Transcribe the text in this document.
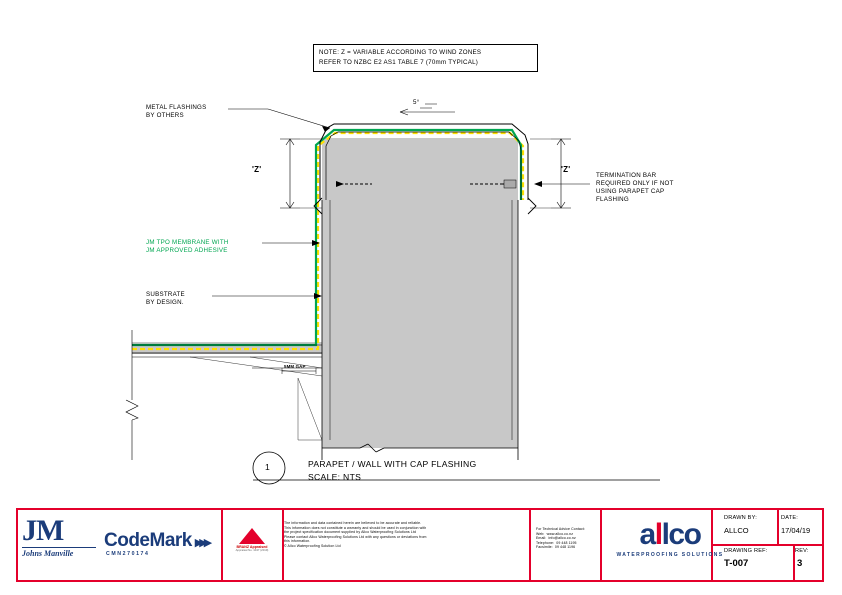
NOTE: Z = VARIABLE ACCORDING TO WIND ZONES
REFER TO NZBC E2 AS1 TABLE 7 (70mm TYPICAL)
METAL FLASHINGS
BY OTHERS
JM TPO MEMBRANE WITH
JM APPROVED ADHESIVE
SUBSTRATE
BY DESIGN.
TERMINATION BAR
REQUIRED ONLY IF NOT
USING PARAPET CAP
FLASHING
5MM GAP
5°
'Z'	'Z'
1	PARAPET / WALL WITH CAP FLASHING
SCALE: NTS
JM
Johns Manville
CodeMark ▸▸▸
CMN270174
BRANZ Appraised
Appraisal No. 1047 (2019)
The information and data contained herein are believed to be accurate and reliable.
This information does not constitute a warranty and should be used in conjunction with
the project specification document supplied by Allco Waterproofing Solutions Ltd
Please contact Allco Waterproofing Solutions Ltd with any questions or deviations from
this information.
© Allco Waterproofing Solution Ltd
For Technical Advice Contact:
Web:  www.allco.co.nz
Email:  info@allco.co.nz
Telephone:  09 448 1195
Facsimile:  09 448 1196	allco
WATERPROOFING SOLUTIONS
DRAWN BY:
ALLCO
DATE:
17/04/19
DRAWING REF:
T-007
REV:
3
